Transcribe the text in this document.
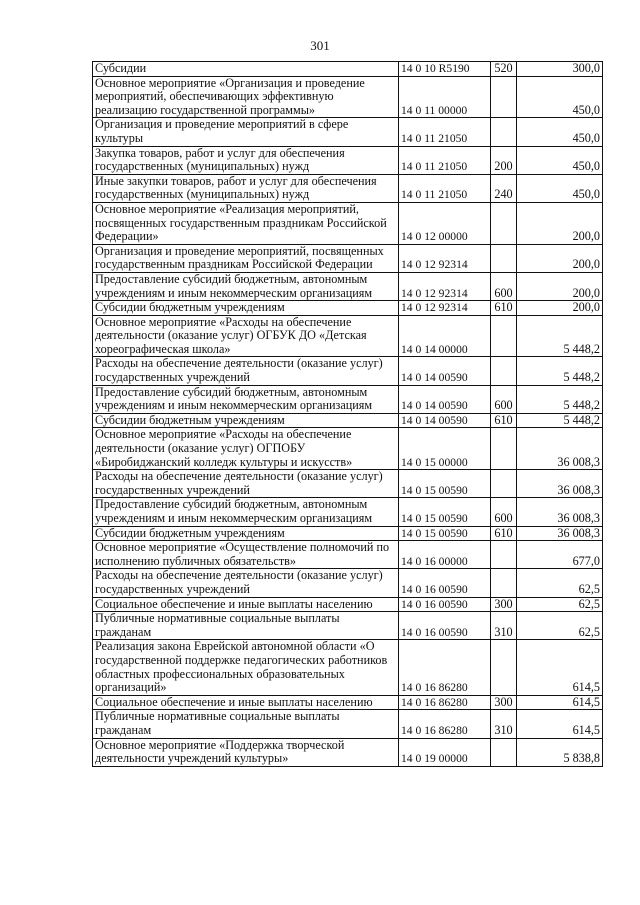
301
Субсидии	14 0 10 R5190	520	300,0
Основное мероприятие «Организация и проведение мероприятий, обеспечивающих эффективную реализацию государственной программы»	14 0 11 00000		450,0
Организация и проведение мероприятий в сфере культуры	14 0 11 21050		450,0
Закупка товаров, работ и услуг для обеспечения государственных (муниципальных) нужд	14 0 11 21050	200	450,0
Иные закупки товаров, работ и услуг для обеспечения государственных (муниципальных) нужд	14 0 11 21050	240	450,0
Основное мероприятие «Реализация мероприятий, посвященных государственным праздникам Российской Федерации»	14 0 12 00000		200,0
Организация и проведение мероприятий, посвященных государственным праздникам Российской Федерации	14 0 12 92314		200,0
Предоставление субсидий бюджетным, автономным учреждениям и иным некоммерческим организациям	14 0 12 92314	600	200,0
Субсидии бюджетным учреждениям	14 0 12 92314	610	200,0
Основное мероприятие «Расходы на обеспечение деятельности (оказание услуг) ОГБУК ДО «Детская хореографическая школа»	14 0 14 00000		5 448,2
Расходы на обеспечение деятельности (оказание услуг) государственных учреждений	14 0 14 00590		5 448,2
Предоставление субсидий бюджетным, автономным учреждениям и иным некоммерческим организациям	14 0 14 00590	600	5 448,2
Субсидии бюджетным учреждениям	14 0 14 00590	610	5 448,2
Основное мероприятие «Расходы на обеспечение деятельности (оказание услуг) ОГПОБУ «Биробиджанский колледж культуры и искусств»	14 0 15 00000		36 008,3
Расходы на обеспечение деятельности (оказание услуг) государственных учреждений	14 0 15 00590		36 008,3
Предоставление субсидий бюджетным, автономным учреждениям и иным некоммерческим организациям	14 0 15 00590	600	36 008,3
Субсидии бюджетным учреждениям	14 0 15 00590	610	36 008,3
Основное мероприятие «Осуществление полномочий по исполнению публичных обязательств»	14 0 16 00000		677,0
Расходы на обеспечение деятельности (оказание услуг) государственных учреждений	14 0 16 00590		62,5
Социальное обеспечение и иные выплаты населению	14 0 16 00590	300	62,5
Публичные нормативные социальные выплаты гражданам	14 0 16 00590	310	62,5
Реализация закона Еврейской автономной области «О государственной поддержке педагогических работников областных профессиональных образовательных организаций»	14 0 16 86280		614,5
Социальное обеспечение и иные выплаты населению	14 0 16 86280	300	614,5
Публичные нормативные социальные выплаты гражданам	14 0 16 86280	310	614,5
Основное мероприятие «Поддержка творческой деятельности учреждений культуры»	14 0 19 00000		5 838,8
